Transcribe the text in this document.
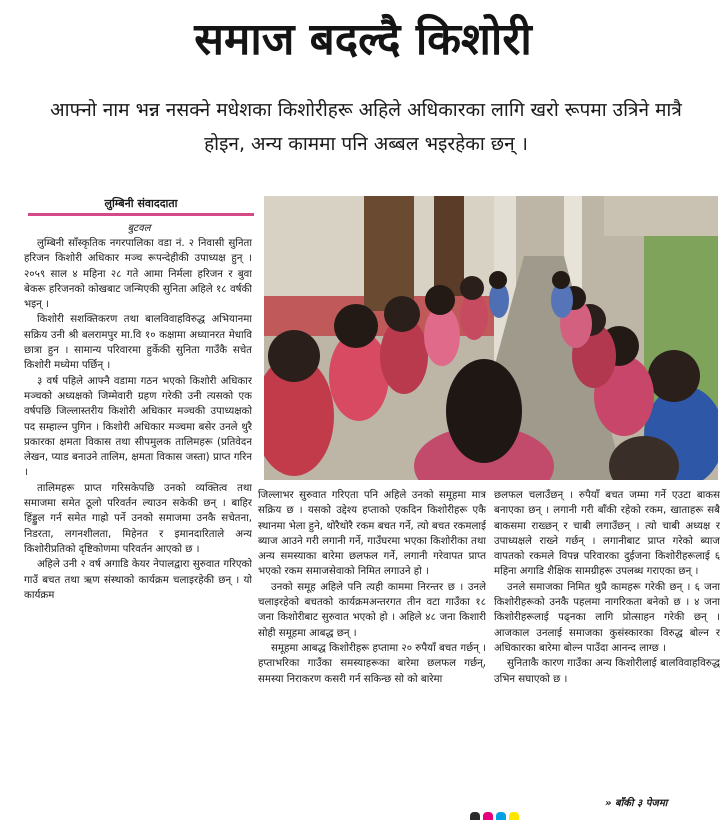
समाज बदल्दै किशोरी
आफ्नो नाम भन्न नसक्ने मधेशका किशोरीहरू अहिले अधिकारका लागि खरो रूपमा उत्रिने मात्रै होइन, अन्य काममा पनि अब्बल भइरहेका छन् ।
लुम्बिनी संवाददाता
बुटवल

लुम्बिनी साँस्कृतिक नगरपालिका वडा नं. २ निवासी सुनिता हरिजन किशोरी अधिकार मञ्च रूपन्देहीकी उपाध्यक्ष हुन् । २०५९ साल ४ महिना २८ गते आमा निर्मला हरिजन र बुवा बेकरू हरिजनको कोखबाट जन्मिएकी सुनिता अहिले १८ वर्षकी भइन् ।

किशोरी सशक्तिकरण तथा बालविवाहविरुद्ध अभियानमा सक्रिय उनी श्री बलरामपुर मा.वि १० कक्षामा अध्यानरत मेधावि छात्रा हुन । सामान्य परिवारमा हुर्केकी सुनिता गाउँकै सचेत किशोरी मध्येमा पर्छिन् ।

३ वर्ष पहिले आफ्नै वडामा गठन भएको किशोरी अधिकार मञ्चको अध्यक्षको जिम्मेवारी ग्रहण गरेकी उनी त्यसको एक वर्षपछि जिल्लास्तरीय किशोरी अधिकार मञ्चकी उपाध्यक्षको पद सम्हाल्न पुगिन । किशोरी अधिकार मञ्चमा बसेर उनले थुरै प्रकारका क्षमता विकास तथा सीपमुलक तालिमहरू (प्रतिवेदन लेखन, प्याड बनाउने तालिम, क्षमता विकास जस्ता) प्राप्त गरिन ।

तालिमहरू प्राप्त गरिसकेपछि उनको व्यक्तित्व तथा समाजमा समेत ठूलो परिवर्तन ल्याउन सकेकी छन् । बाहिर हिंड्डुल गर्न समेत गाह्रो पर्ने उनको समाजमा उनकै सचेतना, निडरता, लगनशीलता, मिहेनत र इमानदारिताले अन्य किशोरीप्रतिको दृष्टिकोणमा परिवर्तन आएको छ ।

अहिले उनी २ वर्ष अगाडि केयर नेपालद्वारा सुरुवात गरिएको गाउँ बचत तथा ऋण संस्थाको कार्यक्रम चलाइरहेकी छन् । यो कार्यक्रम

जिल्लाभर सुरुवात गरिएता पनि अहिले उनको समूहमा मात्र सक्रिय छ । यसको उद्देश्य हप्ताको एकदिन किशोरीहरू एकै स्थानमा भेला हुने, थोरैथोरै रकम बचत गर्ने, त्यो बचत रकमलाई ब्याज आउने गरी लगानी गर्ने, गाउँघरमा भएका किशोरीका तथा अन्य समस्याका बारेमा छलफल गर्ने, लगानी गरेवापत प्राप्त भएको रकम समाजसेवाको निमित लगाउने हो ।

उनको समूह अहिले पनि त्यही काममा निरन्तर छ । उनले चलाइरहेको बचतको कार्यक्रमअन्तरगत तीन वटा गाउँका १८ जना किशोरीबाट सुरुवात भएको हो । अहिले ४८ जना किशारी सोही समूहमा आबद्ध छन् ।

समूहमा आबद्ध किशोरीहरू हप्तामा २० रुपैयाँ बचत गर्छन् । हप्ताभरिका गाउँका समस्याहरूका बारेमा छलफल गर्छन्, समस्या निराकरण कसरी गर्न सकिन्छ सो को बारेमा

छलफल चलाउँछन् । रुपैयाँ बचत जम्मा गर्ने एउटा बाकस बनाएका छन् । लगानी गरी बाँकी रहेको रकम, खाताहरू सबै बाकसमा राख्छन् र चाबी लगाउँछन् । त्यो चाबी अध्यक्ष र उपाध्यक्षले राख्ने गर्छन् । लगानीबाट प्राप्त गरेको ब्याज वापतको रकमले विपन्न परिवारका दुईजना किशोरीहरूलाई ६ महिना अगाडि शैक्षिक सामग्रीहरू उपलब्ध गराएका छन् ।

उनले समाजका निमित थुप्रै कामहरू गरेकी छन् । ६ जना किशोरीहरूको उनकै पहलमा नागरिकता बनेको छ । ४ जना किशोरीहरूलाई पढ्नका लागि प्रोत्साहन गरेकी छन् । आजकाल उनलाई समाजका कुसंस्कारका विरुद्ध बोल्न र अधिकारका बारेमा बोल्न पाउँदा आनन्द लाग्छ ।

सुनिताकै कारण गाउँका अन्य किशोरीलाई बालविवाहविरुद्ध उभिन सघाएको छ ।

» बाँकी ३ पेजमा
